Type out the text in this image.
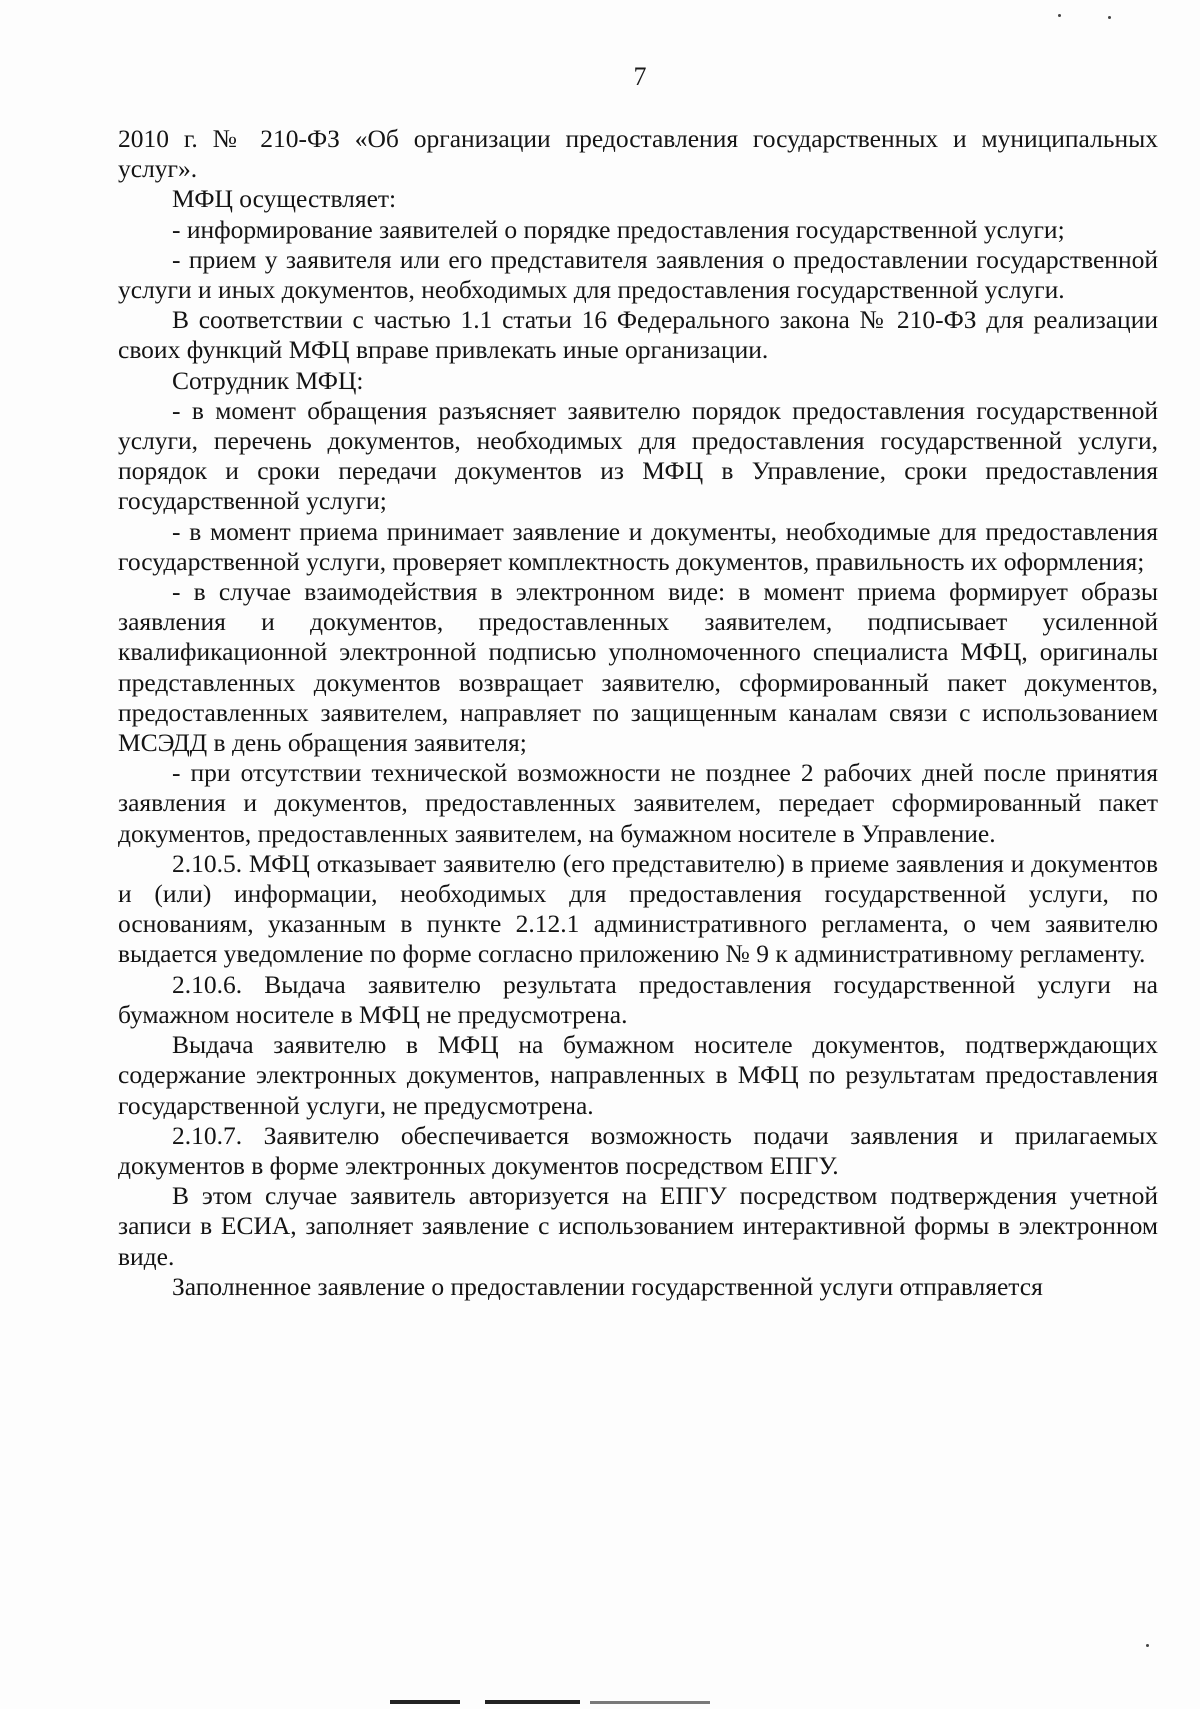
7

2010 г. № 210-ФЗ «Об организации предоставления государственных и муниципальных услуг».

МФЦ осуществляет:

- информирование заявителей о порядке предоставления государственной услуги;

- прием у заявителя или его представителя заявления о предоставлении государственной услуги и иных документов, необходимых для предоставления государственной услуги.

В соответствии с частью 1.1 статьи 16 Федерального закона № 210-ФЗ для реализации своих функций МФЦ вправе привлекать иные организации.

Сотрудник МФЦ:

- в момент обращения разъясняет заявителю порядок предоставления государственной услуги, перечень документов, необходимых для предоставления государственной услуги, порядок и сроки передачи документов из МФЦ в Управление, сроки предоставления государственной услуги;

- в момент приема принимает заявление и документы, необходимые для предоставления государственной услуги, проверяет комплектность документов, правильность их оформления;

- в случае взаимодействия в электронном виде: в момент приема формирует образы заявления и документов, предоставленных заявителем, подписывает усиленной квалификационной электронной подписью уполномоченного специалиста МФЦ, оригиналы представленных документов возвращает заявителю, сформированный пакет документов, предоставленных заявителем, направляет по защищенным каналам связи с использованием МСЭДД в день обращения заявителя;

- при отсутствии технической возможности не позднее 2 рабочих дней после принятия заявления и документов, предоставленных заявителем, передает сформированный пакет документов, предоставленных заявителем, на бумажном носителе в Управление.

2.10.5. МФЦ отказывает заявителю (его представителю) в приеме заявления и документов и (или) информации, необходимых для предоставления государственной услуги, по основаниям, указанным в пункте 2.12.1 административного регламента, о чем заявителю выдается уведомление по форме согласно приложению № 9 к административному регламенту.

2.10.6. Выдача заявителю результата предоставления государственной услуги на бумажном носителе в МФЦ не предусмотрена.

Выдача заявителю в МФЦ на бумажном носителе документов, подтверждающих содержание электронных документов, направленных в МФЦ по результатам предоставления государственной услуги, не предусмотрена.

2.10.7. Заявителю обеспечивается возможность подачи заявления и прилагаемых документов в форме электронных документов посредством ЕПГУ.

В этом случае заявитель авторизуется на ЕПГУ посредством подтверждения учетной записи в ЕСИА, заполняет заявление с использованием интерактивной формы в электронном виде.

Заполненное заявление о предоставлении государственной услуги отправляется
